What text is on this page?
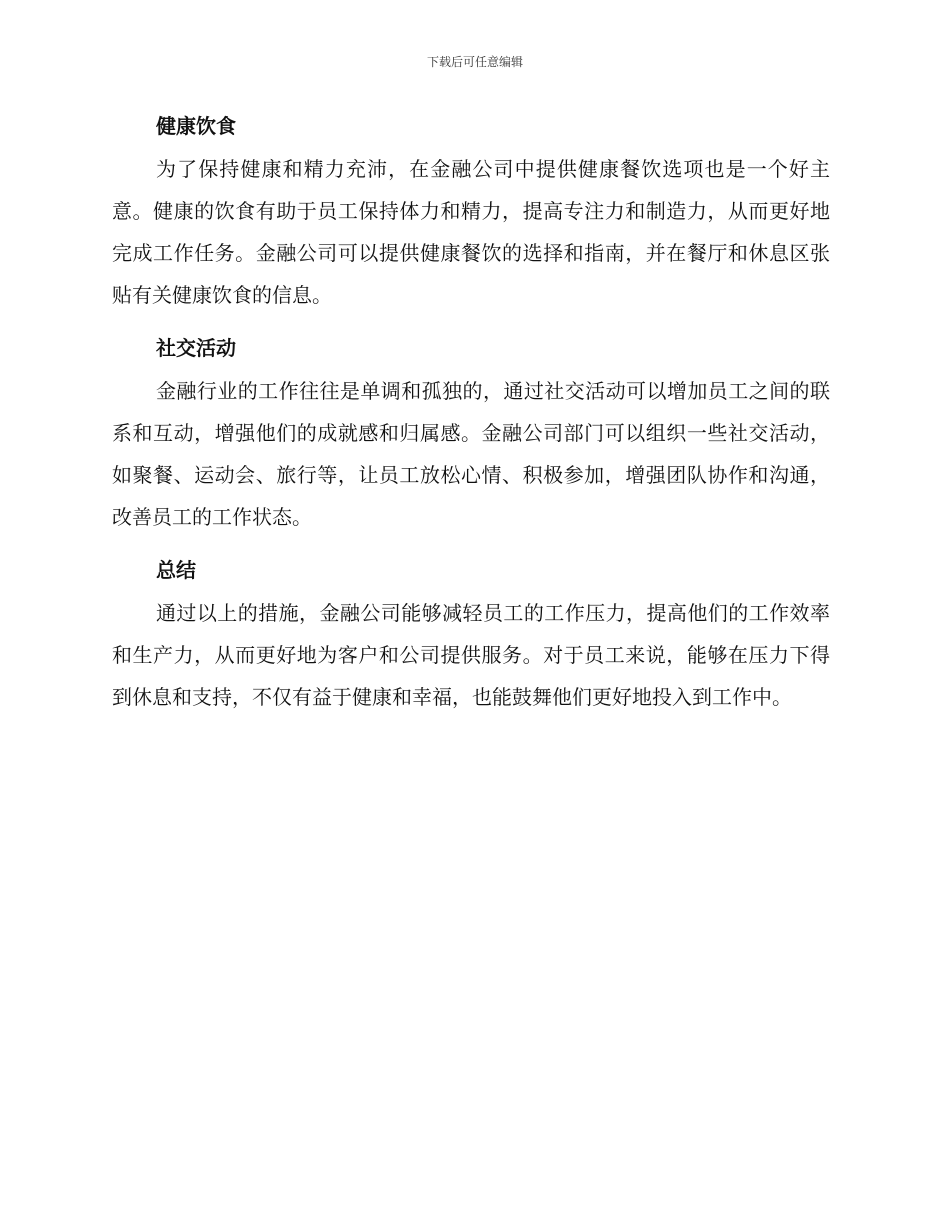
下载后可任意编辑
健康饮食

为了保持健康和精力充沛，在金融公司中提供健康餐饮选项也是一个好主意。健康的饮食有助于员工保持体力和精力，提高专注力和制造力，从而更好地完成工作任务。金融公司可以提供健康餐饮的选择和指南，并在餐厅和休息区张贴有关健康饮食的信息。

社交活动

金融行业的工作往往是单调和孤独的，通过社交活动可以增加员工之间的联系和互动，增强他们的成就感和归属感。金融公司部门可以组织一些社交活动，如聚餐、运动会、旅行等，让员工放松心情、积极参加，增强团队协作和沟通，改善员工的工作状态。

总结

通过以上的措施，金融公司能够减轻员工的工作压力，提高他们的工作效率和生产力，从而更好地为客户和公司提供服务。对于员工来说，能够在压力下得到休息和支持，不仅有益于健康和幸福，也能鼓舞他们更好地投入到工作中。
